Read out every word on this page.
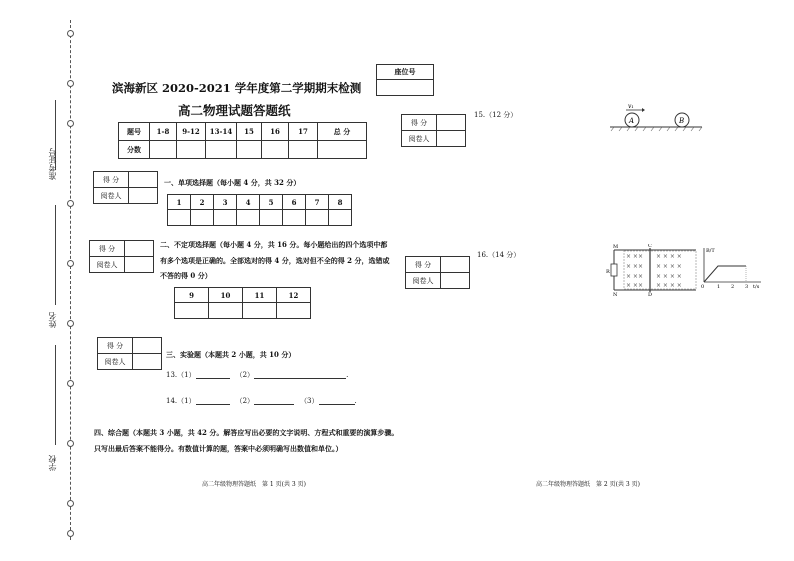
准考证号
姓名
学校
座位号

滨海新区 2020-2021 学年度第二学期期末检测
高二物理试题答题纸
题号	1-8	9-12	13-14	15	16	17	总 分
分数							
得 分	
阅卷人	
一、单项选择题（每小题 4 分，共 32 分）
1	2	3	4	5	6	7	8

得 分	
阅卷人	
二、不定项选择题（每小题 4 分，共 16 分。每小题给出的四个选项中都
有多个选项是正确的。全部选对的得 4 分，选对但不全的得 2 分，选错或
不答的得 0 分）
9	10	11	12

得 分	
阅卷人	
三、实验题（本题共 2 小题，共 10 分）
13.（1）	（2）	.
14.（1）	（2）	（3）	.
四、综合题（本题共 3 小题，共 42 分。解答应写出必要的文字说明、方程式和重要的演算步骤。
只写出最后答案不能得分。有数值计算的题，答案中必须明确写出数值和单位。）
得 分	
阅卷人	
15.（12 分）
A	B
v₁
得 分	
阅卷人	
16.（14 分）	× × × × × × ×
× × × × × × ×
× × × × × × ×
× × × × × × ×
M	C
N	D
R
B/T
t/s
0	1 2 3
高二年级物理答题纸　第 1 页(共 3 页)	高二年级物理答题纸　第 2 页(共 3 页)
